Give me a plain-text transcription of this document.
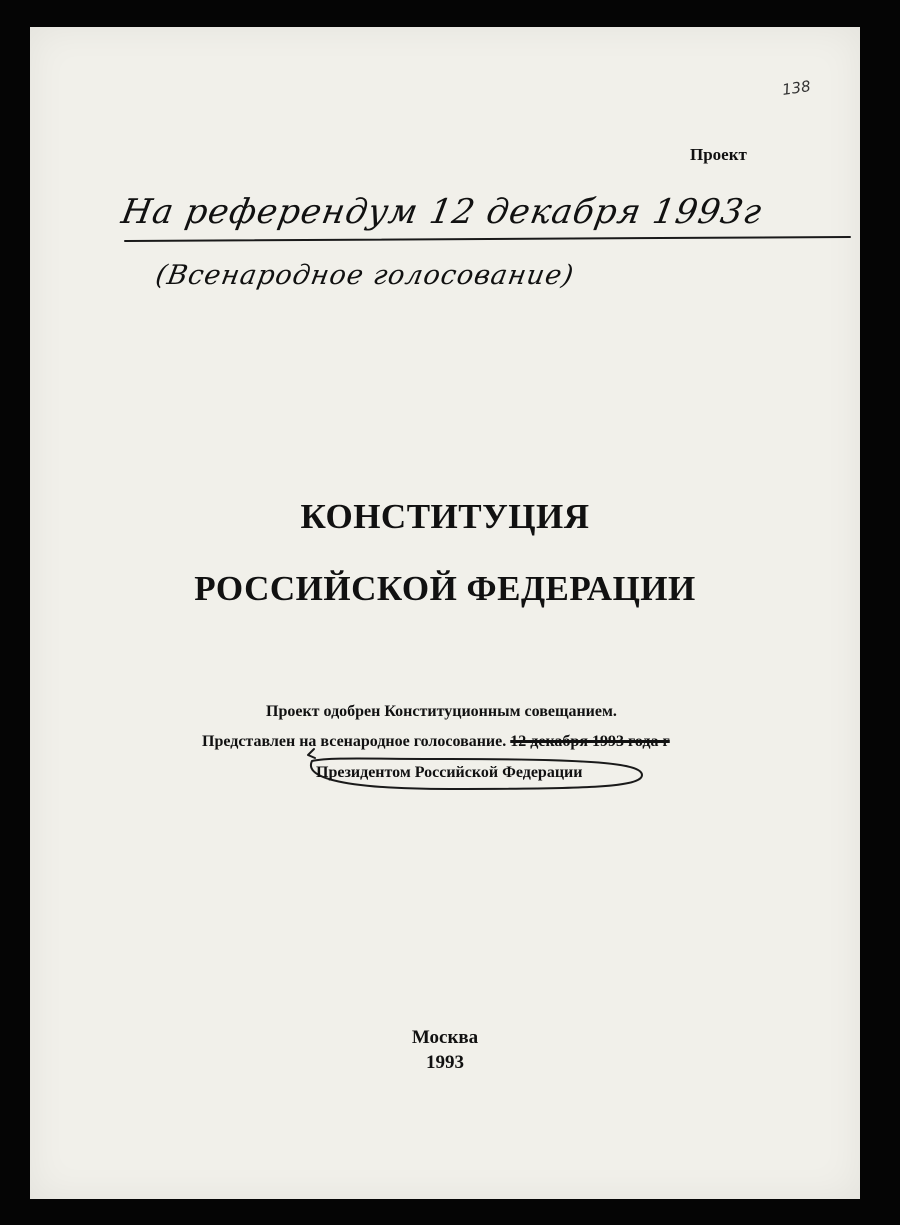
138
Проект
На референдум 12 декабря 1993г
(Всенародное голосование)
КОНСТИТУЦИЯ
РОССИЙСКОЙ ФЕДЕРАЦИИ
Проект одобрен Конституционным совещанием.
Представлен на всенародное голосование. 12 декабря 1993 года г
Президентом Российской Федерации
Москва
1993
